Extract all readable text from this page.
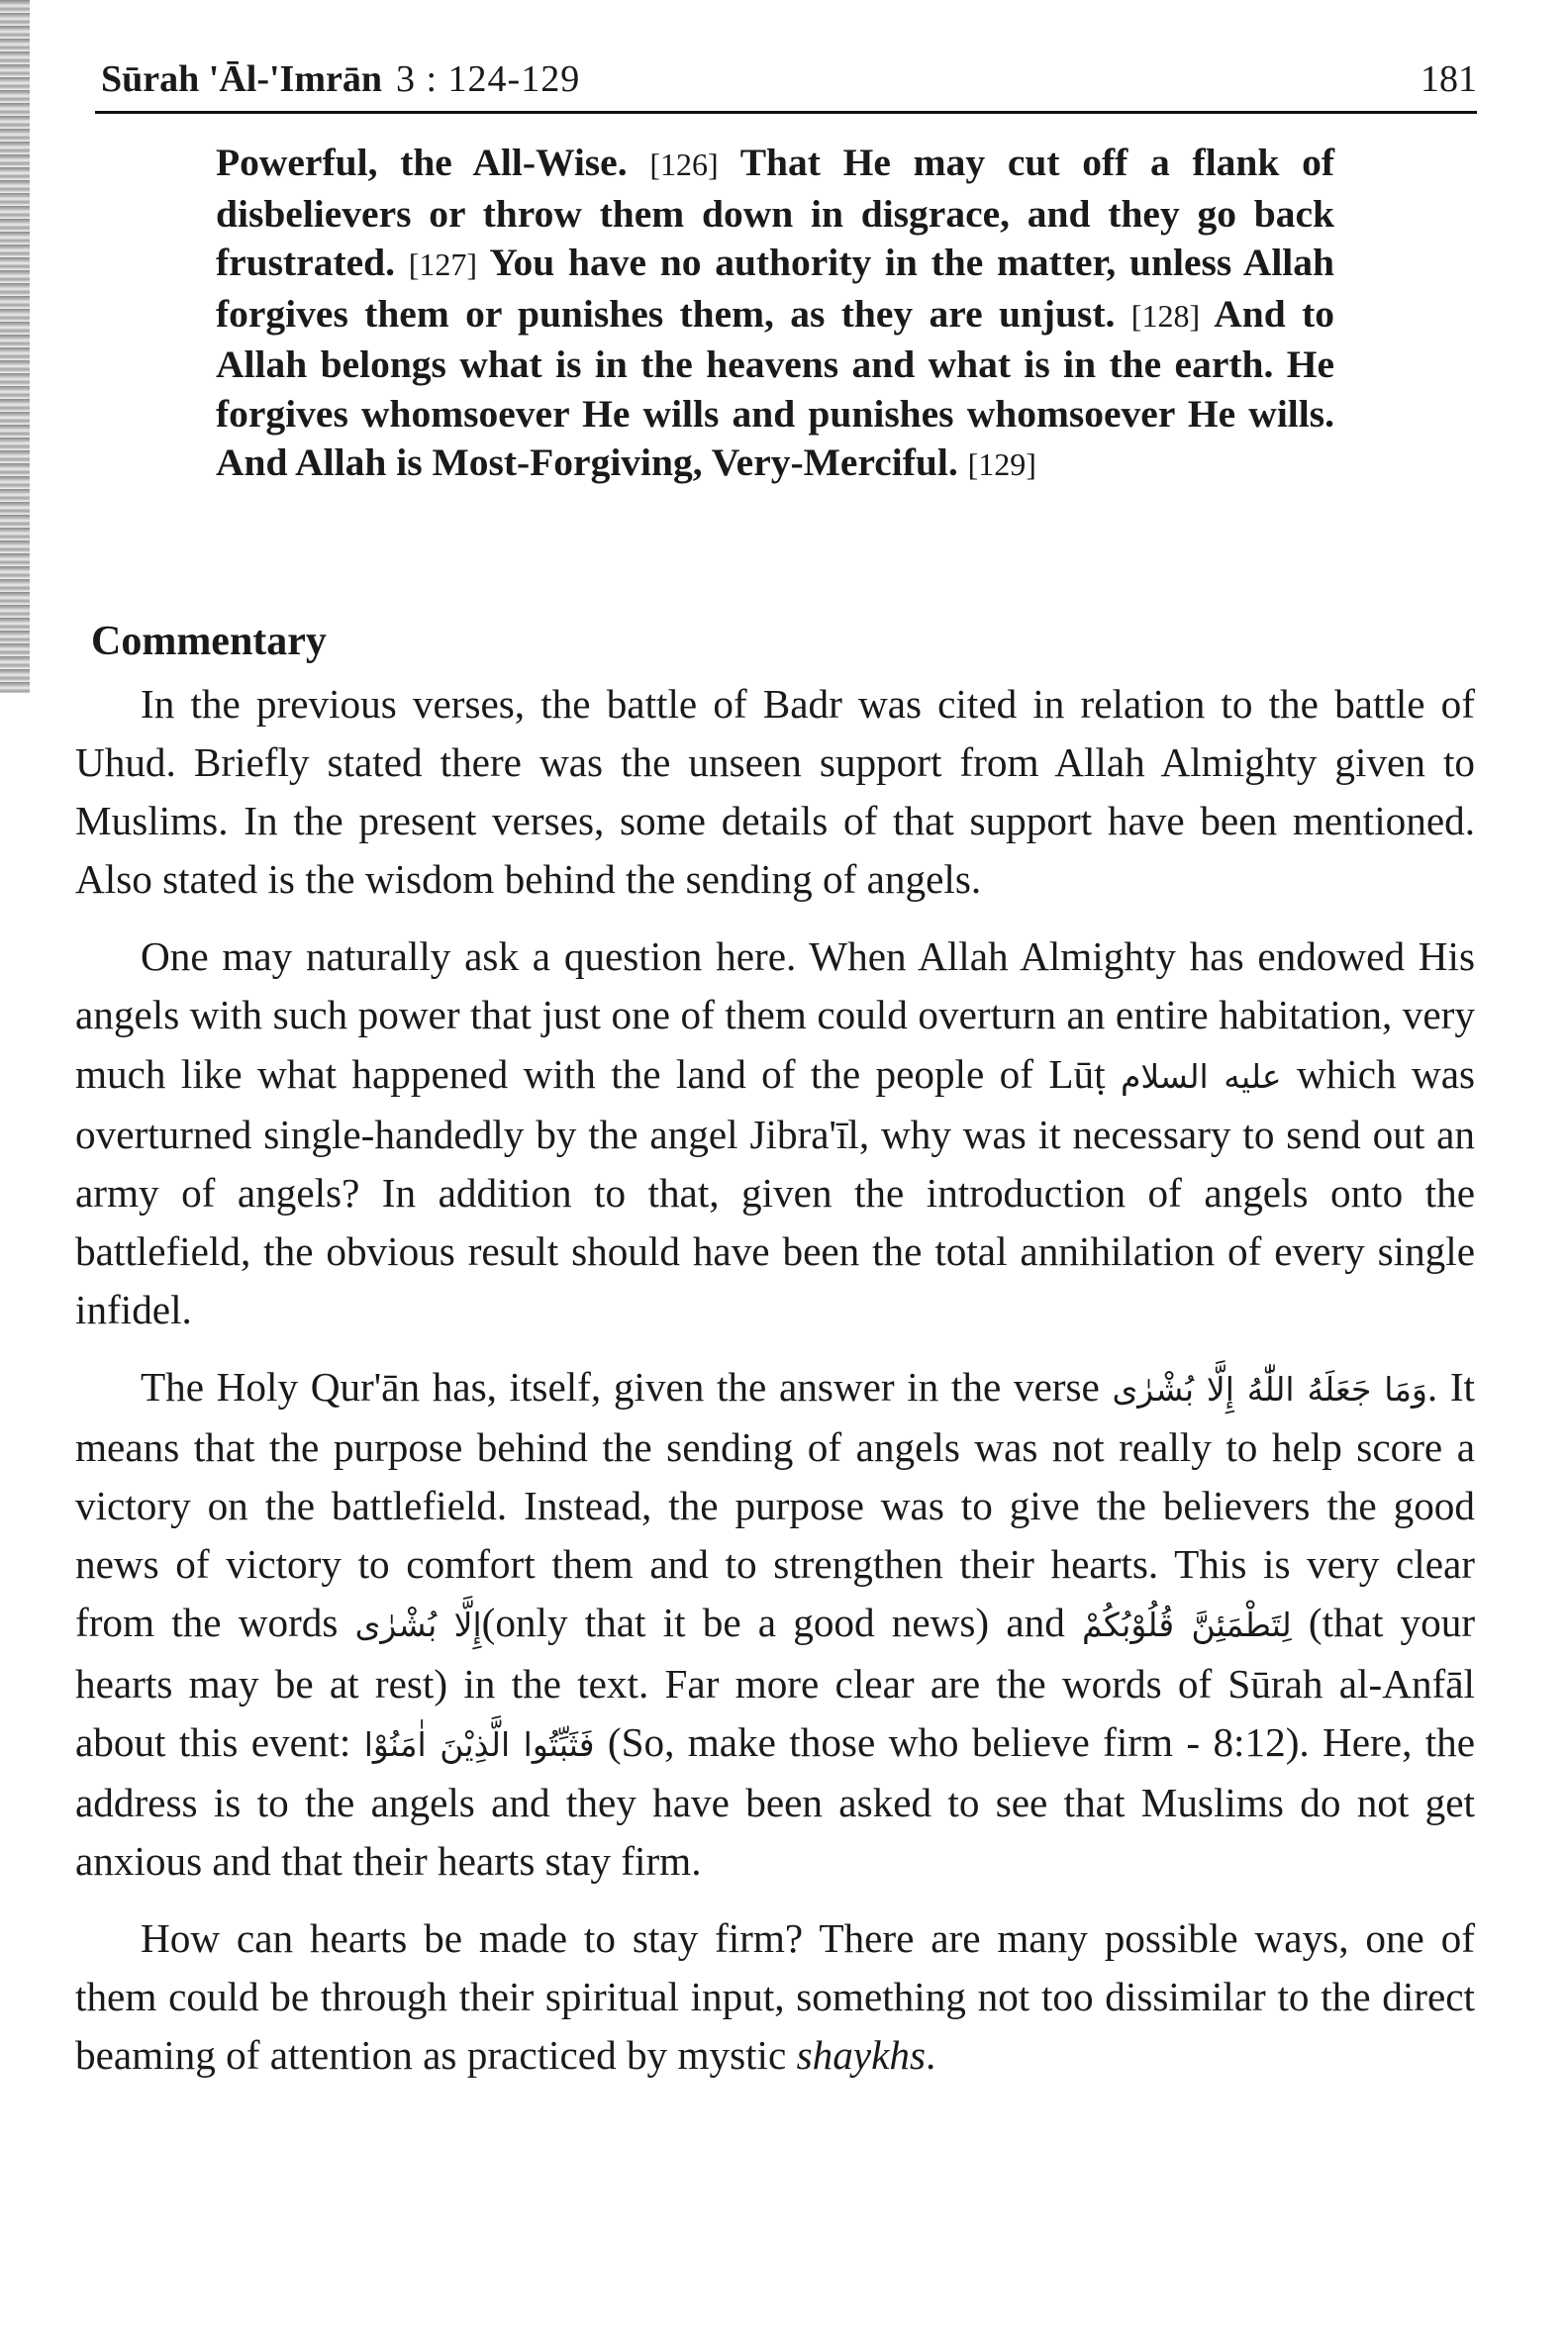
Sūrah 'Āl-'Imrān 3 : 124-129	181
Powerful, the All-Wise. [126] That He may cut off a flank of disbelievers or throw them down in disgrace, and they go back frustrated. [127] You have no authority in the matter, unless Allah forgives them or punishes them, as they are unjust. [128] And to Allah belongs what is in the heavens and what is in the earth. He forgives whomsoever He wills and punishes whomsoever He wills. And Allah is Most-Forgiving, Very-Merciful. [129]
Commentary

In the previous verses, the battle of Badr was cited in relation to the battle of Uhud. Briefly stated there was the unseen support from Allah Almighty given to Muslims. In the present verses, some details of that support have been mentioned. Also stated is the wisdom behind the sending of angels.

One may naturally ask a question here. When Allah Almighty has endowed His angels with such power that just one of them could overturn an entire habitation, very much like what happened with the land of the people of Lūṭ عليه السلام which was overturned single-handedly by the angel Jibra'īl, why was it necessary to send out an army of angels? In addition to that, given the introduction of angels onto the battlefield, the obvious result should have been the total annihilation of every single infidel.

The Holy Qur'ān has, itself, given the answer in the verse وَمَا جَعَلَهُ اللّٰهُ إِلَّا بُشْرٰى. It means that the purpose behind the sending of angels was not really to help score a victory on the battlefield. Instead, the purpose was to give the believers the good news of victory to comfort them and to strengthen their hearts. This is very clear from the words إِلَّا بُشْرٰى(only that it be a good news) and لِتَطْمَئِنَّ قُلُوْبُكُمْ (that your hearts may be at rest) in the text. Far more clear are the words of Sūrah al-Anfāl about this event: فَثَبِّتُوا الَّذِيْنَ اٰمَنُوْا (So, make those who believe firm - 8:12). Here, the address is to the angels and they have been asked to see that Muslims do not get anxious and that their hearts stay firm.

How can hearts be made to stay firm? There are many possible ways, one of them could be through their spiritual input, something not too dissimilar to the direct beaming of attention as practiced by mystic shaykhs.
